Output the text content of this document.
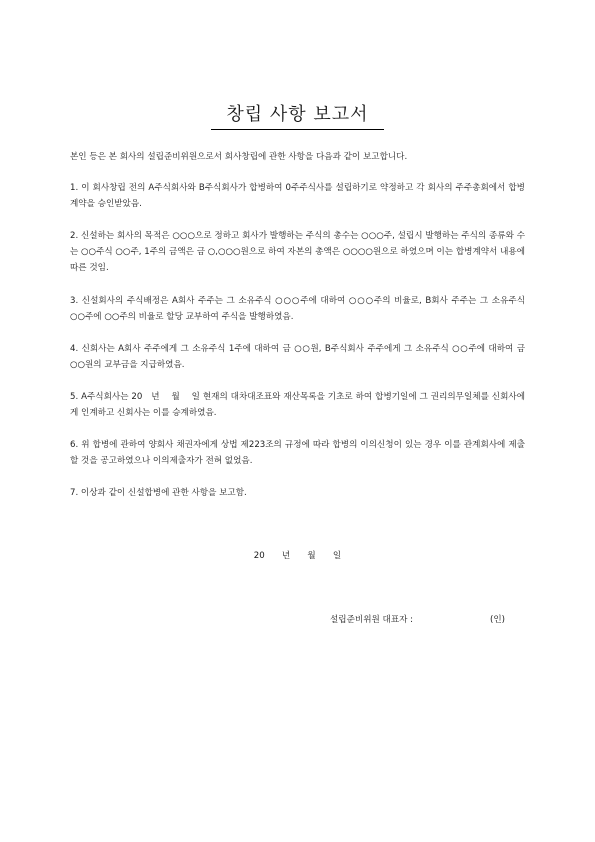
창립 사항 보고서
본인 등은 본 회사의 설립준비위원으로서 회사창립에 관한 사항을 다음과 같이 보고합니다.
1. 이 회사창립 전의 A주식회사와 B주식회사가 합병하여 0주주식사를 설립하기로 약정하고 각 회사의 주주총회에서 합병계약을 승인받았음.
2. 신설하는 회사의 목적은 ○○○으로 정하고 회사가 발행하는 주식의 총수는 ○○○주, 설립시 발행하는 주식의 종류와 수는 ○○주식 ○○주, 1주의 금액은 금 ○,○○○원으로 하여 자본의 총액은 ○○○○원으로 하였으며 이는 합병계약서 내용에 따른 것임.
3. 신설회사의 주식배정은 A회사 주주는 그 소유주식 ○○○주에 대하여 ○○○주의 비율로, B회사 주주는 그 소유주식 ○○주에 ○○주의 비율로 할당 교부하여 주식을 발행하였음.
4. 신회사는 A회사 주주에게 그 소유주식 1주에 대하여 금 ○○원, B주식회사 주주에게 그 소유주식 ○○주에 대하여 금 ○○원의 교부금을 지급하였음.
5. A주식회사는 20　년　 월　 일 현재의 대차대조표와 재산목록을 기초로 하여 합병기일에 그 권리의무일체를 신회사에게 인계하고 신회사는 이를 승계하였음.
6. 위 합병에 관하여 양회사 채권자에게 상법 제223조의 규정에 따라 합병의 이의신청이 있는 경우 이를 관계회사에 제출할 것을 공고하였으나 이의제출자가 전혀 없었음.
7. 이상과 같이 신설합병에 관한 사항을 보고함.
20　　년　　월　　일
설립준비위원 대표자 :	(인)
